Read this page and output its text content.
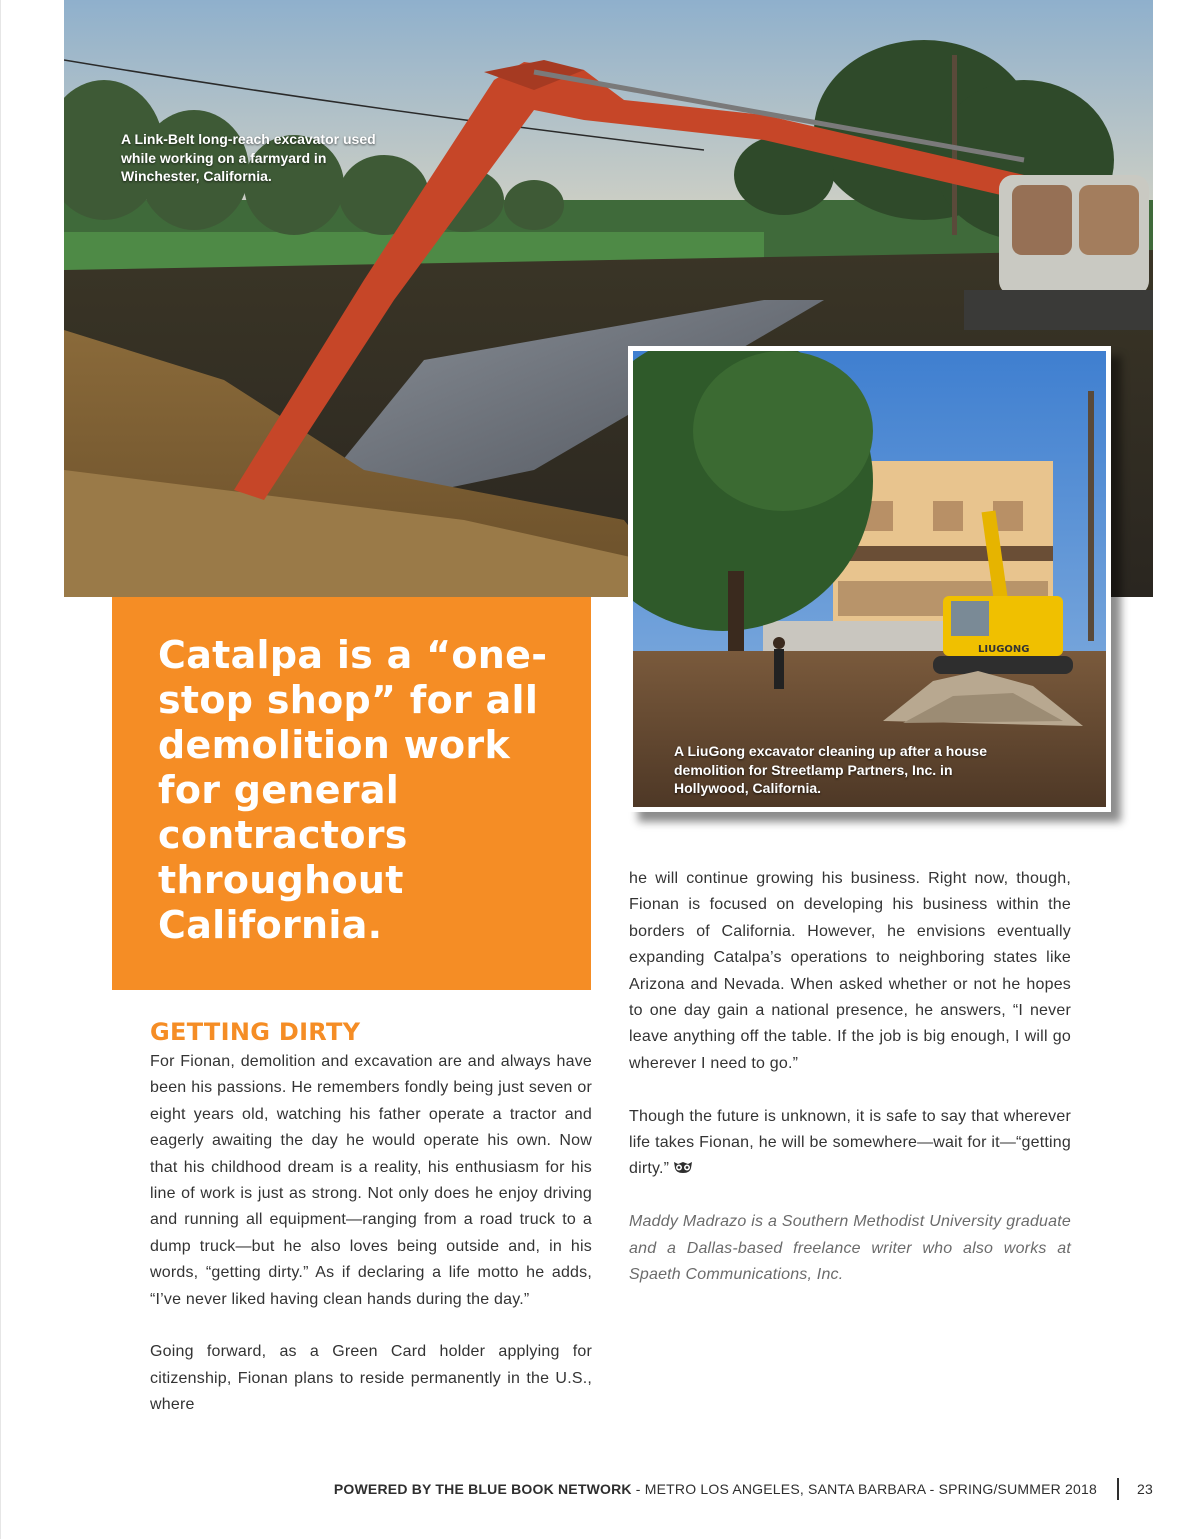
A Link-Belt long-reach excavator used while working on a farmyard in Winchester, California.
LIUGONG
A LiuGong excavator cleaning up after a house demolition for Streetlamp Partners, Inc. in Hollywood, California.
Catalpa is a “one-stop shop” for all demolition work for general contractors throughout California.
GETTING DIRTY

For Fionan, demolition and excavation are and always have been his passions. He remembers fondly being just seven or eight years old, watching his father operate a tractor and eagerly awaiting the day he would operate his own. Now that his childhood dream is a reality, his enthusiasm for his line of work is just as strong. Not only does he enjoy driving and running all equipment—ranging from a road truck to a dump truck—but he also loves being outside and, in his words, “getting dirty.” As if declaring a life motto he adds, “I’ve never liked having clean hands during the day.”

Going forward, as a Green Card holder applying for citizenship, Fionan plans to reside permanently in the U.S., where

he will continue growing his business. Right now, though, Fionan is focused on developing his business within the borders of California. However, he envisions eventually expanding Catalpa’s operations to neighboring states like Arizona and Nevada. When asked whether or not he hopes to one day gain a national presence, he answers, “I never leave anything off the table. If the job is big enough, I will go wherever I need to go.”

Though the future is unknown, it is safe to say that wherever life takes Fionan, he will be somewhere—wait for it—“getting dirty.”

Maddy Madrazo is a Southern Methodist University graduate and a Dallas-based freelance writer who also works at Spaeth Communications, Inc.

POWERED BY THE BLUE BOOK NETWORK - METRO LOS ANGELES, SANTA BARBARA - SPRING/SUMMER 2018	23
